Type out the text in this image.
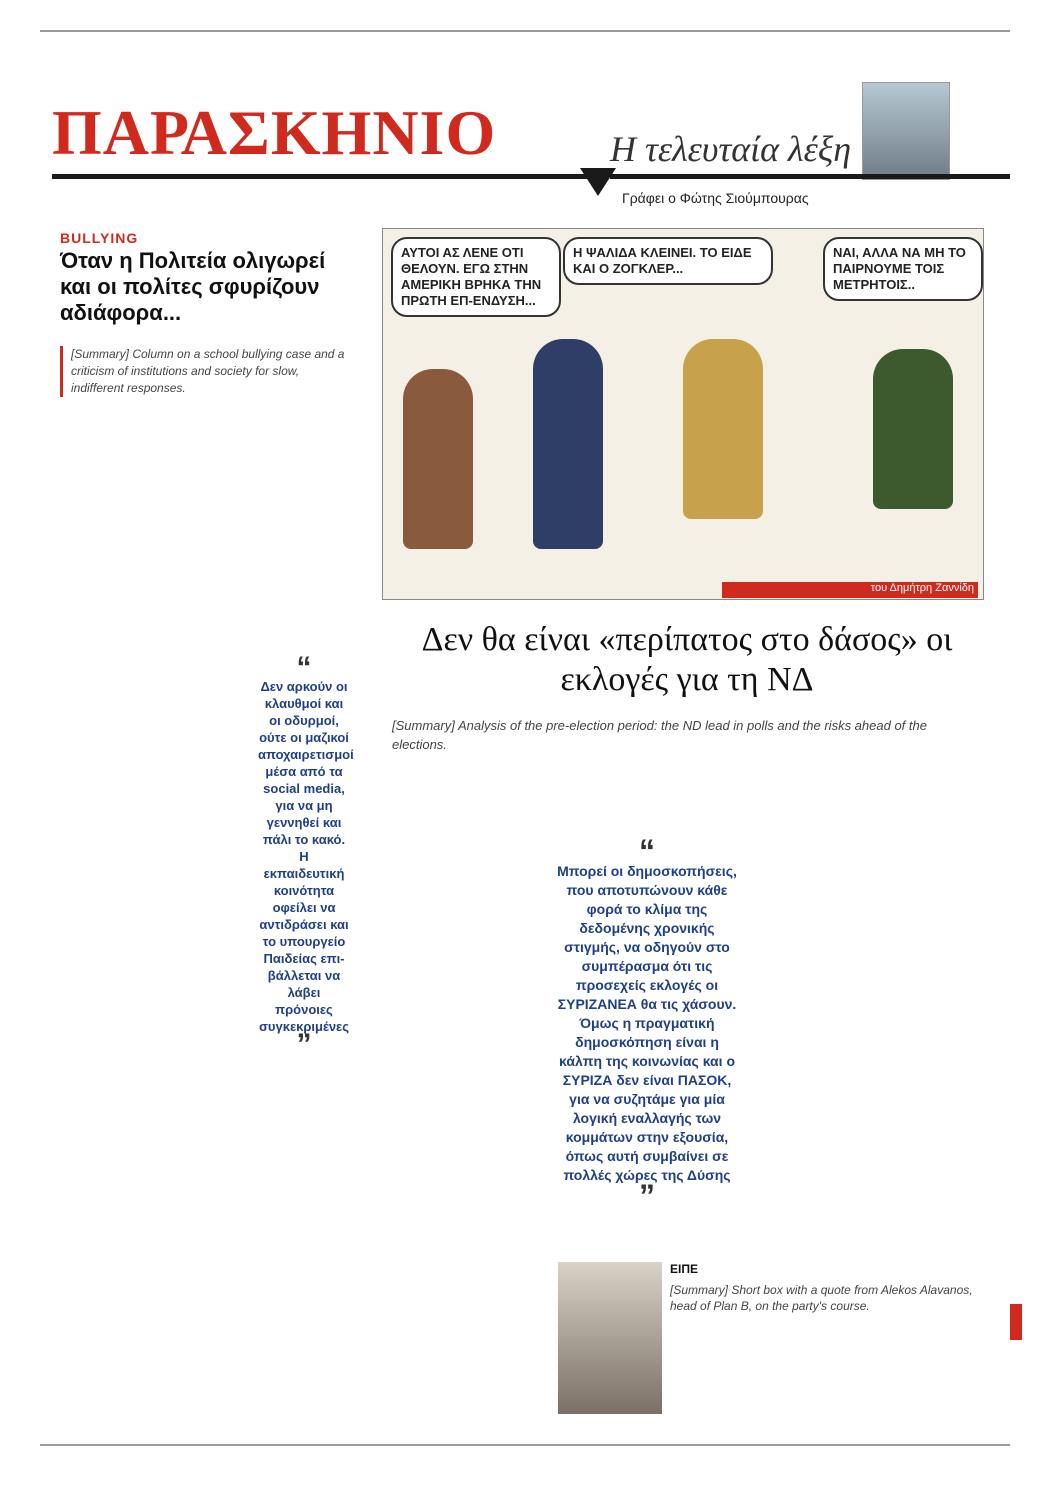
ΠΑΡΑΣΚΗΝΙΟ	Η τελευταία λέξη
Γράφει ο Φώτης Σιούμπουρας
BULLYING
Όταν η Πολιτεία ολιγωρεί και οι πολίτες σφυρίζουν αδιάφορα...
[Summary] Column on a school bullying case and a criticism of institutions and society for slow, indifferent responses.
“
Δεν αρκούν οι κλαυθμοί και οι οδυρμοί, ούτε οι μαζικοί αποχαιρετισμοί μέσα από τα social media, για να μη γεννηθεί και πάλι το κακό. Η εκπαιδευτική κοινότητα οφείλει να αντιδράσει και το υπουργείο Παιδείας επι-βάλλεται να λάβει πρόνοιες συγκεκριμένες
”
ΑΥΤΟΙ ΑΣ ΛΕΝΕ ΟΤΙ ΘΕΛΟΥΝ. ΕΓΩ ΣΤΗΝ ΑΜΕΡΙΚΗ ΒΡΗΚΑ ΤΗΝ ΠΡΩΤΗ ΕΠ-ΕΝΔΥΣΗ...
Η ΨΑΛΙΔΑ ΚΛΕΙΝΕΙ. ΤΟ ΕΙΔΕ ΚΑΙ Ο ΖΟΓΚΛΕΡ...
ΝΑΙ, ΑΛΛΑ ΝΑ ΜΗ ΤΟ ΠΑΙΡΝΟΥΜΕ ΤΟΙΣ ΜΕΤΡΗΤΟΙΣ..
του Δημήτρη Ζαννίδη
Δεν θα είναι «περίπατος στο δάσος» οι εκλογές για τη ΝΔ
[Summary] Analysis of the pre-election period: the ND lead in polls and the risks ahead of the elections.
“
Μπορεί οι δημοσκοπήσεις, που αποτυπώνουν κάθε φορά το κλίμα της δεδομένης χρονικής στιγμής, να οδηγούν στο συμπέρασμα ότι τις προσεχείς εκλογές οι ΣΥΡΙΖΑΝΕΑ θα τις χάσουν. Όμως η πραγματική δημοσκόπηση είναι η κάλπη της κοινωνίας και ο ΣΥΡΙΖΑ δεν είναι ΠΑΣΟΚ, για να συζητάμε για μία λογική εναλλαγής των κομμάτων στην εξουσία, όπως αυτή συμβαίνει σε πολλές χώρες της Δύσης
”
ΕΙΠΕ
[Summary] Short box with a quote from Alekos Alavanos, head of Plan B, on the party's course.
